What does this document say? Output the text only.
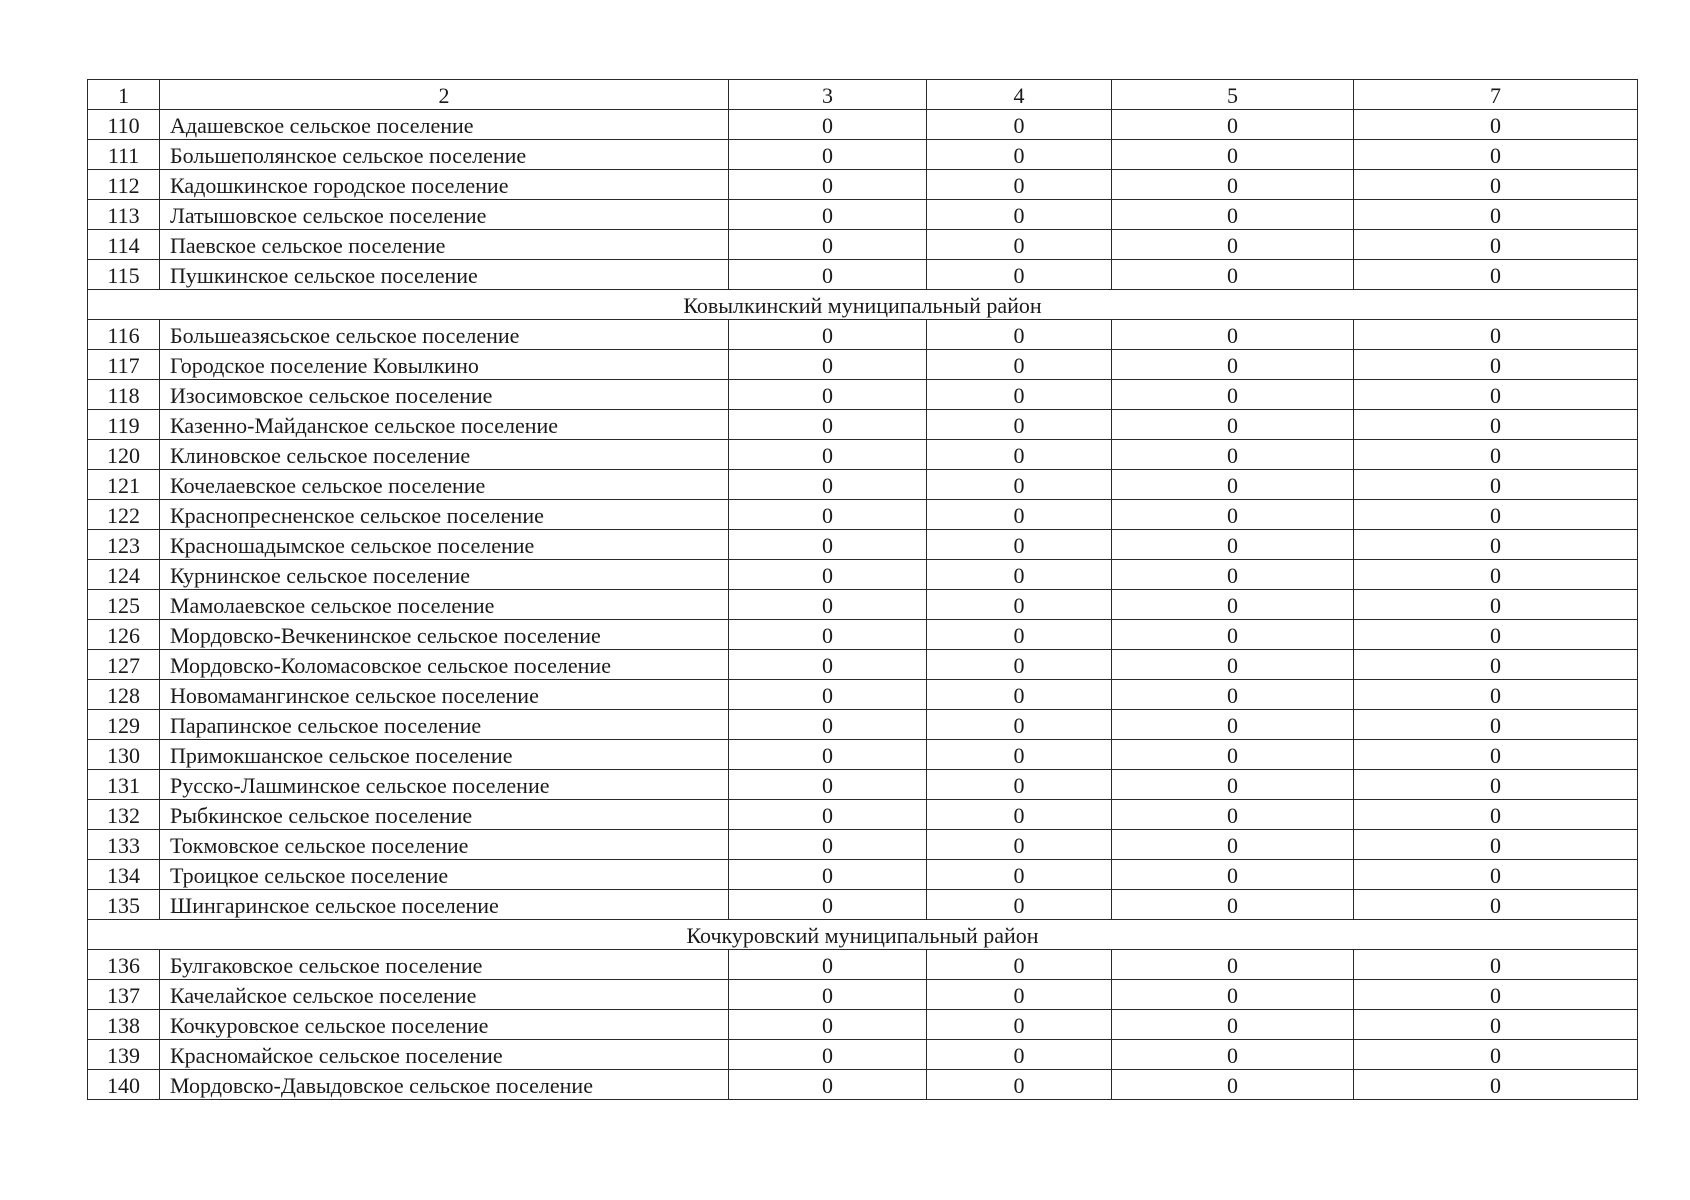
1	2	3	4	5	7
110	Адашевское сельское поселение	0	0	0	0
111	Большеполянское сельское поселение	0	0	0	0
112	Кадошкинское городское поселение	0	0	0	0
113	Латышовское сельское поселение	0	0	0	0
114	Паевское сельское поселение	0	0	0	0
115	Пушкинское сельское поселение	0	0	0	0
Ковылкинский муниципальный район					
116	Большеазясьское сельское поселение	0	0	0	0
117	Городское поселение Ковылкино	0	0	0	0
118	Изосимовское сельское поселение	0	0	0	0
119	Казенно-Майданское сельское поселение	0	0	0	0
120	Клиновское сельское поселение	0	0	0	0
121	Кочелаевское сельское поселение	0	0	0	0
122	Краснопресненское сельское поселение	0	0	0	0
123	Красношадымское сельское поселение	0	0	0	0
124	Курнинское сельское поселение	0	0	0	0
125	Мамолаевское сельское поселение	0	0	0	0
126	Мордовско-Вечкенинское сельское поселение	0	0	0	0
127	Мордовско-Коломасовское сельское поселение	0	0	0	0
128	Новомамангинское сельское поселение	0	0	0	0
129	Парапинское сельское поселение	0	0	0	0
130	Примокшанское сельское поселение	0	0	0	0
131	Русско-Лашминское сельское поселение	0	0	0	0
132	Рыбкинское сельское поселение	0	0	0	0
133	Токмовское сельское поселение	0	0	0	0
134	Троицкое сельское поселение	0	0	0	0
135	Шингаринское сельское поселение	0	0	0	0
Кочкуровский муниципальный район					
136	Булгаковское сельское поселение	0	0	0	0
137	Качелайское сельское поселение	0	0	0	0
138	Кочкуровское сельское поселение	0	0	0	0
139	Красномайское сельское поселение	0	0	0	0
140	Мордовско-Давыдовское сельское поселение	0	0	0	0
